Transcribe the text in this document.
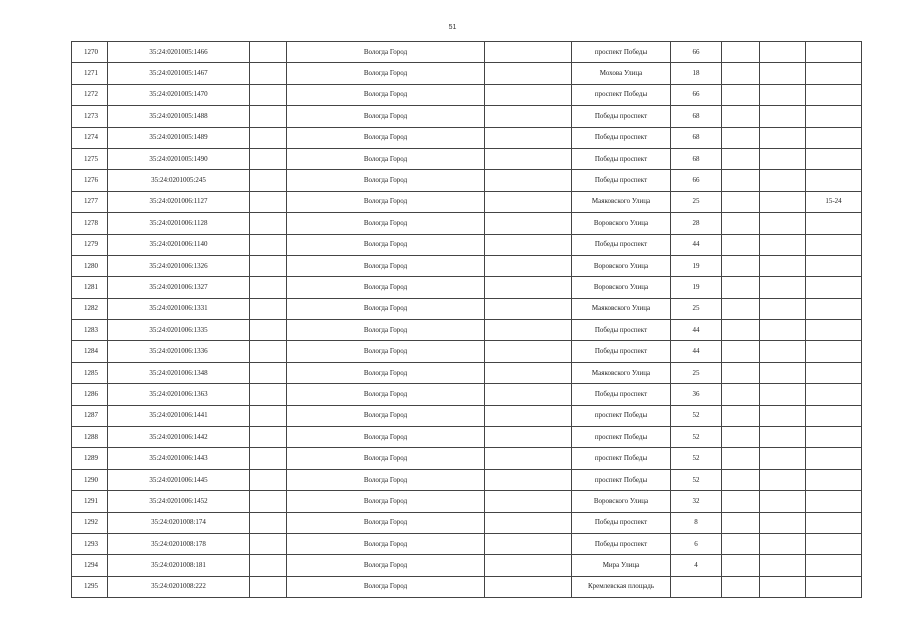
51
1270	35:24:0201005:1466		Вологда Город		проспект Победы	66			
1271	35:24:0201005:1467		Вологда Город		Мохова Улица	18			
1272	35:24:0201005:1470		Вологда Город		проспект Победы	66			
1273	35:24:0201005:1488		Вологда Город		Победы проспект	68			
1274	35:24:0201005:1489		Вологда Город		Победы проспект	68			
1275	35:24:0201005:1490		Вологда Город		Победы проспект	68			
1276	35:24:0201005:245		Вологда Город		Победы проспект	66			
1277	35:24:0201006:1127		Вологда Город		Маяковского Улица	25			15-24
1278	35:24:0201006:1128		Вологда Город		Воровского Улица	28			
1279	35:24:0201006:1140		Вологда Город		Победы проспект	44			
1280	35:24:0201006:1326		Вологда Город		Воровского Улица	19			
1281	35:24:0201006:1327		Вологда Город		Воровского Улица	19			
1282	35:24:0201006:1331		Вологда Город		Маяковского Улица	25			
1283	35:24:0201006:1335		Вологда Город		Победы проспект	44			
1284	35:24:0201006:1336		Вологда Город		Победы проспект	44			
1285	35:24:0201006:1348		Вологда Город		Маяковского Улица	25			
1286	35:24:0201006:1363		Вологда Город		Победы проспект	36			
1287	35:24:0201006:1441		Вологда Город		проспект Победы	52			
1288	35:24:0201006:1442		Вологда Город		проспект Победы	52			
1289	35:24:0201006:1443		Вологда Город		проспект Победы	52			
1290	35:24:0201006:1445		Вологда Город		проспект Победы	52			
1291	35:24:0201006:1452		Вологда Город		Воровского Улица	32			
1292	35:24:0201008:174		Вологда Город		Победы проспект	8			
1293	35:24:0201008:178		Вологда Город		Победы проспект	6			
1294	35:24:0201008:181		Вологда Город		Мира Улица	4			
1295	35:24:0201008:222		Вологда Город		Кремлевская площадь				
